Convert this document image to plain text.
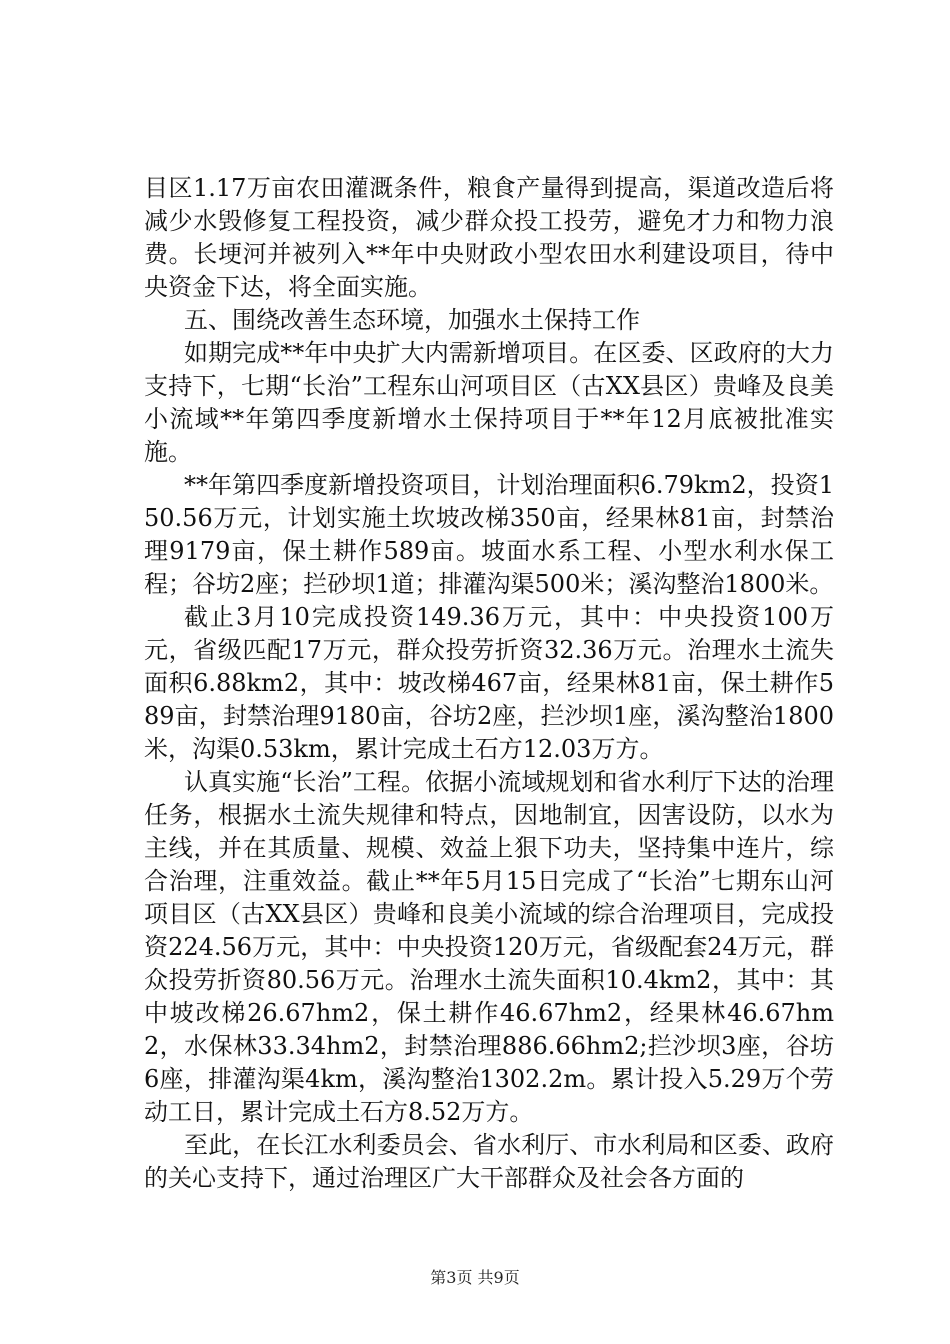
目区1.17万亩农田灌溉条件，粮食产量得到提高，渠道改造后将减少水毁修复工程投资，减少群众投工投劳，避免才力和物力浪费。长埂河并被列入**年中央财政小型农田水利建设项目，待中央资金下达，将全面实施。

五、围绕改善生态环境，加强水土保持工作

如期完成**年中央扩大内需新增项目。在区委、区政府的大力支持下，七期“长治”工程东山河项目区（古XX县区）贵峰及良美小流域**年第四季度新增水土保持项目于**年12月底被批准实施。

**年第四季度新增投资项目，计划治理面积6.79km2，投资150.56万元，计划实施土坎坡改梯350亩，经果林81亩，封禁治理9179亩，保土耕作589亩。坡面水系工程、小型水利水保工程；谷坊2座；拦砂坝1道；排灌沟渠500米；溪沟整治1800米。

截止3月10完成投资149.36万元，其中：中央投资100万元，省级匹配17万元，群众投劳折资32.36万元。治理水土流失面积6.88km2，其中：坡改梯467亩，经果林81亩，保土耕作589亩，封禁治理9180亩，谷坊2座，拦沙坝1座，溪沟整治1800米，沟渠0.53km，累计完成土石方12.03万方。

认真实施“长治”工程。依据小流域规划和省水利厅下达的治理任务，根据水土流失规律和特点，因地制宜，因害设防，以水为主线，并在其质量、规模、效益上狠下功夫，坚持集中连片，综合治理，注重效益。截止**年5月15日完成了“长治”七期东山河项目区（古XX县区）贵峰和良美小流域的综合治理项目，完成投资224.56万元，其中：中央投资120万元，省级配套24万元，群众投劳折资80.56万元。治理水土流失面积10.4km2，其中：其中坡改梯26.67hm2，保土耕作46.67hm2，经果林46.67hm2，水保林33.34hm2，封禁治理886.66hm2;拦沙坝3座，谷坊6座，排灌沟渠4km，溪沟整治1302.2m。累计投入5.29万个劳动工日，累计完成土石方8.52万方。

至此，在长江水利委员会、省水利厅、市水利局和区委、政府的关心支持下，通过治理区广大干部群众及社会各方面的

第3页 共9页
